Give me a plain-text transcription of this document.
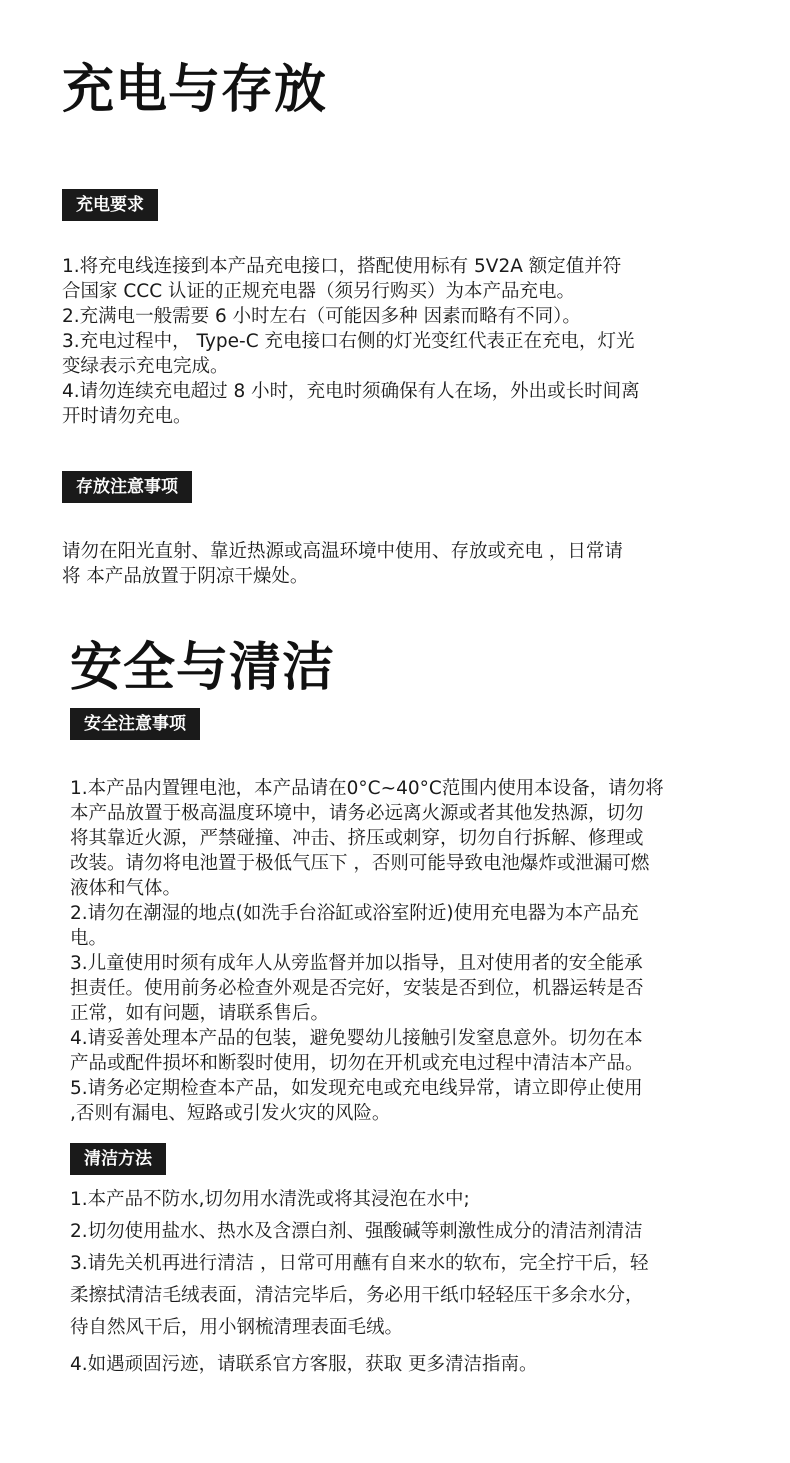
充电与存放
充电要求
1.将充电线连接到本产品充电接口，搭配使用标有 5V2A 额定值并符
合国家 CCC 认证的正规充电器（须另行购买）为本产品充电。
2.充满电一般需要 6 小时左右（可能因多种 因素而略有不同）。
3.充电过程中， Type-C 充电接口右侧的灯光变红代表正在充电，灯光
变绿表示充电完成。
4.请勿连续充电超过 8 小时，充电时须确保有人在场，外出或长时间离
开时请勿充电。
存放注意事项
请勿在阳光直射、靠近热源或高温环境中使用、存放或充电 ，日常请
将 本产品放置于阴凉干燥处。
安全与清洁
安全注意事项
1.本产品内置锂电池，本产品请在0°C~40°C范围内使用本设备，请勿将
本产品放置于极高温度环境中，请务必远离火源或者其他发热源，切勿
将其靠近火源，严禁碰撞、冲击、挤压或刺穿，切勿自行拆解、修理或
改装。请勿将电池置于极低气压下 ，否则可能导致电池爆炸或泄漏可燃
液体和气体。
2.请勿在潮湿的地点(如洗手台浴缸或浴室附近)使用充电器为本产品充
电。
3.儿童使用时须有成年人从旁监督并加以指导，且对使用者的安全能承
担责任。使用前务必检查外观是否完好，安装是否到位，机器运转是否
正常，如有问题，请联系售后。
4.请妥善处理本产品的包装，避免婴幼儿接触引发窒息意外。切勿在本
产品或配件损坏和断裂时使用，切勿在开机或充电过程中清洁本产品。
5.请务必定期检查本产品，如发现充电或充电线异常，请立即停止使用
,否则有漏电、短路或引发火灾的风险。
清洁方法
1.本产品不防水,切勿用水清洗或将其浸泡在水中;
2.切勿使用盐水、热水及含漂白剂、强酸碱等刺激性成分的清洁剂清洁
3.请先关机再进行清洁 ，日常可用蘸有自来水的软布，完全拧干后，轻
柔擦拭清洁毛绒表面，清洁完毕后，务必用干纸巾轻轻压干多余水分，
待自然风干后，用小钢梳清理表面毛绒。
4.如遇顽固污迹，请联系官方客服，获取 更多清洁指南。
